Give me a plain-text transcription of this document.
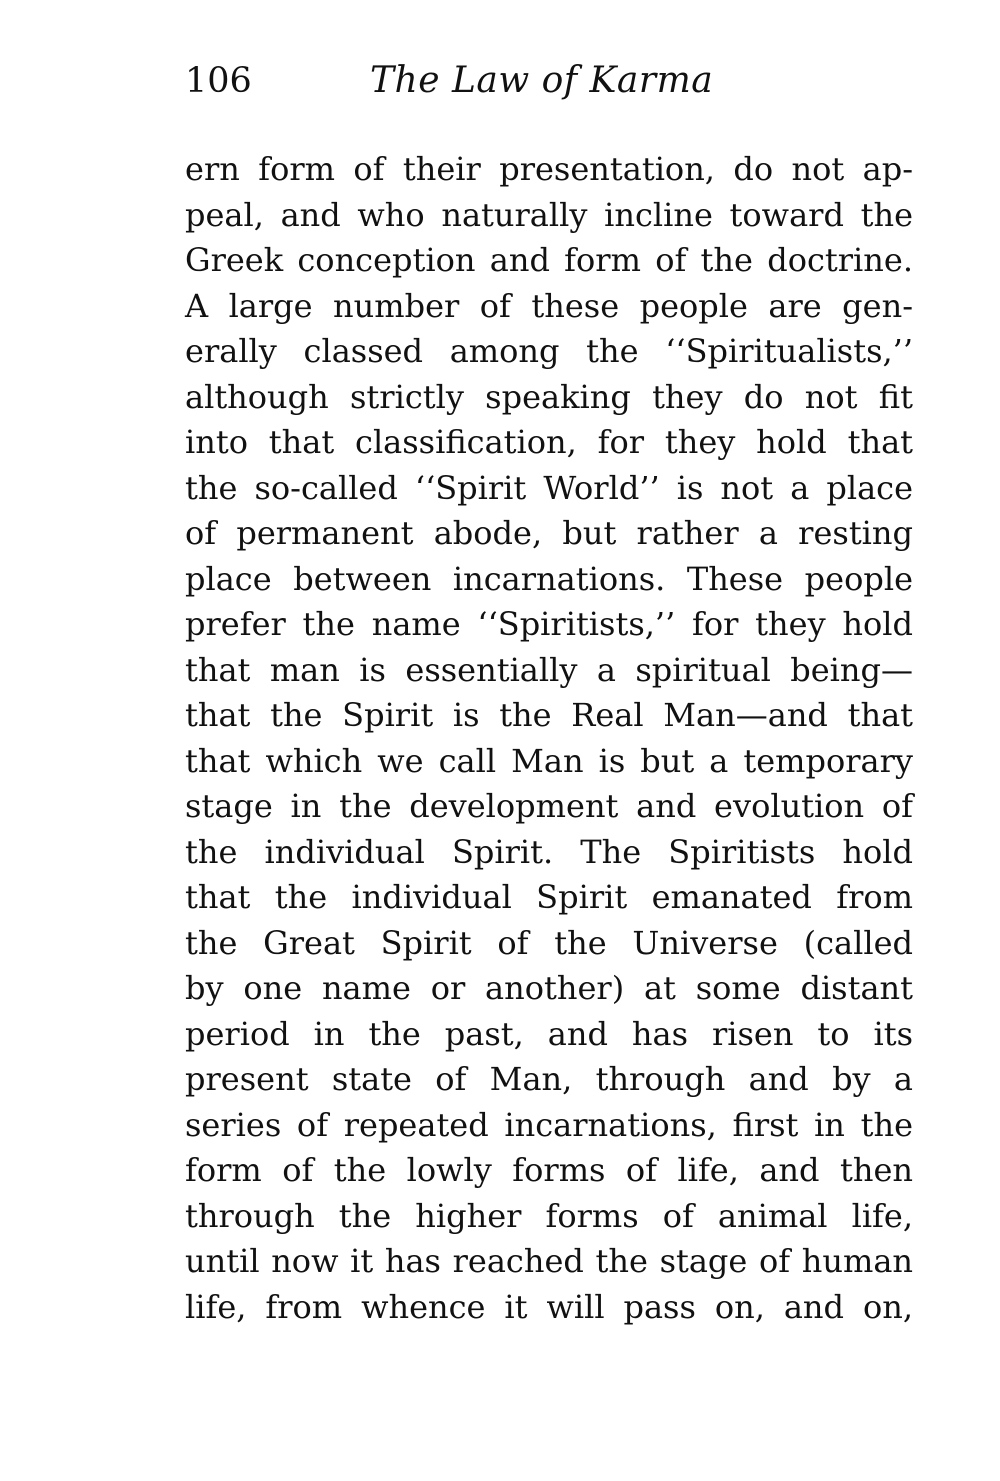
106	The Law of Karma
ern form of their presentation, do not ap-
peal, and who naturally incline toward the
Greek conception and form of the doctrine.
A large number of these people are gen-
erally classed among the ‘‘Spiritualists,’’
although strictly speaking they do not fit
into that classification, for they hold that
the so-called ‘‘Spirit World’’ is not a place
of permanent abode, but rather a resting
place between incarnations. These people
prefer the name ‘‘Spiritists,’’ for they hold
that man is essentially a spiritual being—
that the Spirit is the Real Man—and that
that which we call Man is but a temporary
stage in the development and evolution of
the individual Spirit. The Spiritists hold
that the individual Spirit emanated from
the Great Spirit of the Universe (called
by one name or another) at some distant
period in the past, and has risen to its
present state of Man, through and by a
series of repeated incarnations, first in the
form of the lowly forms of life, and then
through the higher forms of animal life,
until now it has reached the stage of human
life, from whence it will pass on, and on,
